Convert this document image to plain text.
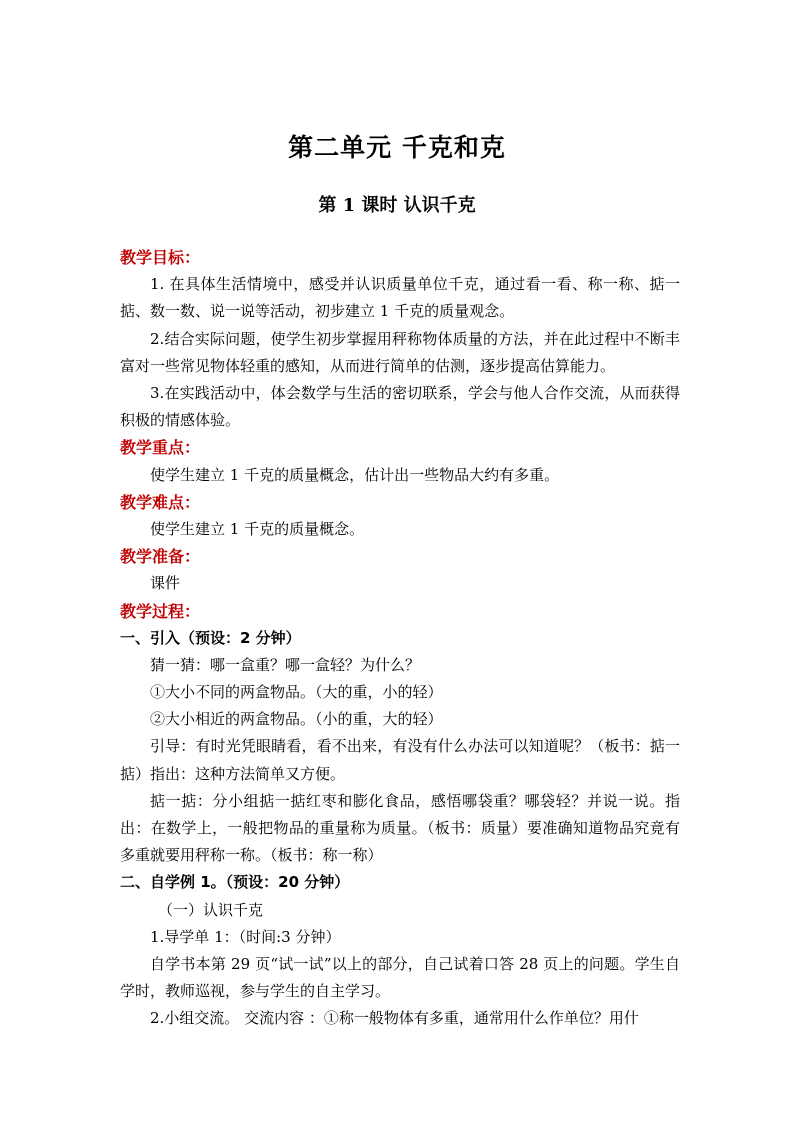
第二单元 千克和克
第 1 课时 认识千克
教学目标：
1. 在具体生活情境中，感受并认识质量单位千克，通过看一看、称一称、掂一掂、数一数、说一说等活动，初步建立 1 千克的质量观念。
2.结合实际问题，使学生初步掌握用秤称物体质量的方法，并在此过程中不断丰富对一些常见物体轻重的感知，从而进行简单的估测，逐步提高估算能力。
3.在实践活动中，体会数学与生活的密切联系，学会与他人合作交流，从而获得积极的情感体验。
教学重点：
使学生建立 1 千克的质量概念，估计出一些物品大约有多重。
教学难点：
使学生建立 1 千克的质量概念。
教学准备：
课件
教学过程：
一、引入（预设：2 分钟）
猜一猜：哪一盒重？哪一盒轻？为什么？
①大小不同的两盒物品。（大的重，小的轻）
②大小相近的两盒物品。（小的重，大的轻）
引导：有时光凭眼睛看，看不出来，有没有什么办法可以知道呢？（板书：掂一掂）指出：这种方法简单又方便。
掂一掂：分小组掂一掂红枣和膨化食品，感悟哪袋重？哪袋轻？并说一说。指出：在数学上，一般把物品的重量称为质量。（板书：质量）要准确知道物品究竟有多重就要用秤称一称。（板书：称一称）
二、自学例 1。（预设：20 分钟）
（一）认识千克
1.导学单 1：（时间:3 分钟）
自学书本第 29 页“试一试”以上的部分，自己试着口答 28 页上的问题。学生自学时，教师巡视，参与学生的自主学习。
2.小组交流。 交流内容 ：①称一般物体有多重，通常用什么作单位？用什
